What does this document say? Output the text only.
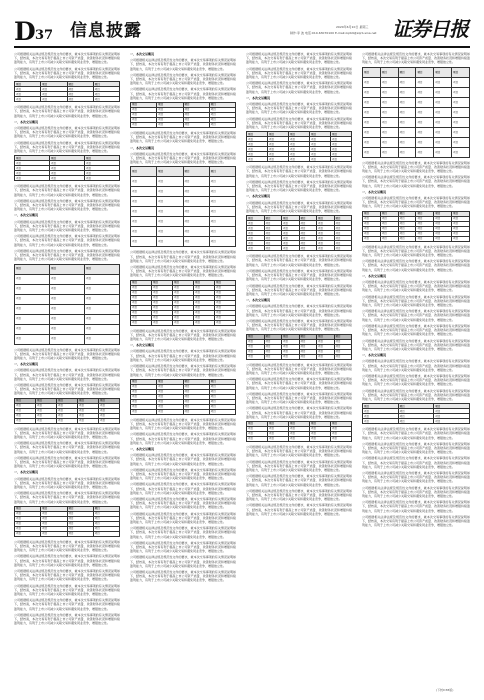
D 37 信息披露	2020年6月10日 星期三
制作:李 波 电话:010-63070100 E-mail:zqrb9@zqrb.sina.net 证券日报

公司根据相关法律法规及规范性文件的要求，就本次交易事项的有关情况说明如下，经核查，本次交易有利于提高上市公司资产质量、改善财务状况和增强持续盈利能力，有利于上市公司减少关联交易和避免同业竞争，增强独立性。

公司根据相关法律法规及规范性文件的要求，就本次交易事项的有关情况说明如下，经核查，本次交易有利于提高上市公司资产质量、改善财务状况和增强持续盈利能力，有利于上市公司减少关联交易和避免同业竞争，增强独立性。

项目	项目	项目	项目
项目	项目	项目	项目
项目	项目	项目	项目
项目	项目	项目	项目

公司根据相关法律法规及规范性文件的要求，就本次交易事项的有关情况说明如下，经核查，本次交易有利于提高上市公司资产质量、改善财务状况和增强持续盈利能力，有利于上市公司减少关联交易和避免同业竞争，增强独立性。

一、本次交易概况

公司根据相关法律法规及规范性文件的要求，就本次交易事项的有关情况说明如下，经核查，本次交易有利于提高上市公司资产质量、改善财务状况和增强持续盈利能力，有利于上市公司减少关联交易和避免同业竞争，增强独立性。

公司根据相关法律法规及规范性文件的要求，就本次交易事项的有关情况说明如下，经核查，本次交易有利于提高上市公司资产质量、改善财务状况和增强持续盈利能力，有利于上市公司减少关联交易和避免同业竞争，增强独立性。

项目	项目	项目
项目	项目	项目
项目	项目	项目
项目	项目	项目
项目	项目	项目

公司根据相关法律法规及规范性文件的要求，就本次交易事项的有关情况说明如下，经核查，本次交易有利于提高上市公司资产质量、改善财务状况和增强持续盈利能力，有利于上市公司减少关联交易和避免同业竞争，增强独立性。

公司根据相关法律法规及规范性文件的要求，就本次交易事项的有关情况说明如下，经核查，本次交易有利于提高上市公司资产质量、改善财务状况和增强持续盈利能力，有利于上市公司减少关联交易和避免同业竞争，增强独立性。

一、本次交易概况

公司根据相关法律法规及规范性文件的要求，就本次交易事项的有关情况说明如下，经核查，本次交易有利于提高上市公司资产质量、改善财务状况和增强持续盈利能力，有利于上市公司减少关联交易和避免同业竞争，增强独立性。

公司根据相关法律法规及规范性文件的要求，就本次交易事项的有关情况说明如下，经核查，本次交易有利于提高上市公司资产质量、改善财务状况和增强持续盈利能力，有利于上市公司减少关联交易和避免同业竞争，增强独立性。

公司根据相关法律法规及规范性文件的要求，就本次交易事项的有关情况说明如下，经核查，本次交易有利于提高上市公司资产质量、改善财务状况和增强持续盈利能力，有利于上市公司减少关联交易和避免同业竞争，增强独立性。

项目	项目	项目
项目	项目	项目
项目	项目	项目
项目	项目	项目
项目	项目	项目
项目	项目	项目
项目	项目	项目
项目	项目	项目

公司根据相关法律法规及规范性文件的要求，就本次交易事项的有关情况说明如下，经核查，本次交易有利于提高上市公司资产质量、改善财务状况和增强持续盈利能力，有利于上市公司减少关联交易和避免同业竞争，增强独立性。

一、本次交易概况

公司根据相关法律法规及规范性文件的要求，就本次交易事项的有关情况说明如下，经核查，本次交易有利于提高上市公司资产质量、改善财务状况和增强持续盈利能力，有利于上市公司减少关联交易和避免同业竞争，增强独立性。

公司根据相关法律法规及规范性文件的要求，就本次交易事项的有关情况说明如下，经核查，本次交易有利于提高上市公司资产质量、改善财务状况和增强持续盈利能力，有利于上市公司减少关联交易和避免同业竞争，增强独立性。

项目	项目	项目	项目	项目
项目	项目	项目	项目	项目
项目	项目	项目	项目	项目
项目	项目	项目	项目	项目
项目	项目	项目	项目	项目

公司根据相关法律法规及规范性文件的要求，就本次交易事项的有关情况说明如下，经核查，本次交易有利于提高上市公司资产质量、改善财务状况和增强持续盈利能力，有利于上市公司减少关联交易和避免同业竞争，增强独立性。

公司根据相关法律法规及规范性文件的要求，就本次交易事项的有关情况说明如下，经核查，本次交易有利于提高上市公司资产质量、改善财务状况和增强持续盈利能力，有利于上市公司减少关联交易和避免同业竞争，增强独立性。

公司根据相关法律法规及规范性文件的要求，就本次交易事项的有关情况说明如下，经核查，本次交易有利于提高上市公司资产质量、改善财务状况和增强持续盈利能力，有利于上市公司减少关联交易和避免同业竞争，增强独立性。

一、本次交易概况

公司根据相关法律法规及规范性文件的要求，就本次交易事项的有关情况说明如下，经核查，本次交易有利于提高上市公司资产质量、改善财务状况和增强持续盈利能力，有利于上市公司减少关联交易和避免同业竞争，增强独立性。

公司根据相关法律法规及规范性文件的要求，就本次交易事项的有关情况说明如下，经核查，本次交易有利于提高上市公司资产质量、改善财务状况和增强持续盈利能力，有利于上市公司减少关联交易和避免同业竞争，增强独立性。

项目	项目	项目	项目
项目	项目	项目	项目
项目	项目	项目	项目
项目	项目	项目	项目
项目	项目	项目	项目
项目	项目	项目	项目

公司根据相关法律法规及规范性文件的要求，就本次交易事项的有关情况说明如下，经核查，本次交易有利于提高上市公司资产质量、改善财务状况和增强持续盈利能力，有利于上市公司减少关联交易和避免同业竞争，增强独立性。

公司根据相关法律法规及规范性文件的要求，就本次交易事项的有关情况说明如下，经核查，本次交易有利于提高上市公司资产质量、改善财务状况和增强持续盈利能力，有利于上市公司减少关联交易和避免同业竞争，增强独立性。

公司根据相关法律法规及规范性文件的要求，就本次交易事项的有关情况说明如下，经核查，本次交易有利于提高上市公司资产质量、改善财务状况和增强持续盈利能力，有利于上市公司减少关联交易和避免同业竞争，增强独立性。

公司根据相关法律法规及规范性文件的要求，就本次交易事项的有关情况说明如下，经核查，本次交易有利于提高上市公司资产质量、改善财务状况和增强持续盈利能力，有利于上市公司减少关联交易和避免同业竞争，增强独立性。

公司根据相关法律法规及规范性文件的要求，就本次交易事项的有关情况说明如下，经核查，本次交易有利于提高上市公司资产质量、改善财务状况和增强持续盈利能力，有利于上市公司减少关联交易和避免同业竞争，增强独立性。

公司根据相关法律法规及规范性文件的要求，就本次交易事项的有关情况说明如下，经核查，本次交易有利于提高上市公司资产质量、改善财务状况和增强持续盈利能力，有利于上市公司减少关联交易和避免同业竞争，增强独立性。

一、本次交易概况

公司根据相关法律法规及规范性文件的要求，就本次交易事项的有关情况说明如下，经核查，本次交易有利于提高上市公司资产质量、改善财务状况和增强持续盈利能力，有利于上市公司减少关联交易和避免同业竞争，增强独立性。

公司根据相关法律法规及规范性文件的要求，就本次交易事项的有关情况说明如下，经核查，本次交易有利于提高上市公司资产质量、改善财务状况和增强持续盈利能力，有利于上市公司减少关联交易和避免同业竞争，增强独立性。

公司根据相关法律法规及规范性文件的要求，就本次交易事项的有关情况说明如下，经核查，本次交易有利于提高上市公司资产质量、改善财务状况和增强持续盈利能力，有利于上市公司减少关联交易和避免同业竞争，增强独立性。

项目	项目	项目	项目
项目	项目	项目	项目
项目	项目	项目	项目
项目	项目	项目	项目
项目	项目	项目	项目

公司根据相关法律法规及规范性文件的要求，就本次交易事项的有关情况说明如下，经核查，本次交易有利于提高上市公司资产质量、改善财务状况和增强持续盈利能力，有利于上市公司减少关联交易和避免同业竞争，增强独立性。

一、本次交易概况

公司根据相关法律法规及规范性文件的要求，就本次交易事项的有关情况说明如下，经核查，本次交易有利于提高上市公司资产质量、改善财务状况和增强持续盈利能力，有利于上市公司减少关联交易和避免同业竞争，增强独立性。

项目	项目	项目	项目
项目	项目	项目	项目
项目	项目	项目	项目
项目	项目	项目	项目
项目	项目	项目	项目
项目	项目	项目	项目
项目	项目	项目	项目
项目	项目	项目	项目

公司根据相关法律法规及规范性文件的要求，就本次交易事项的有关情况说明如下，经核查，本次交易有利于提高上市公司资产质量、改善财务状况和增强持续盈利能力，有利于上市公司减少关联交易和避免同业竞争，增强独立性。

公司根据相关法律法规及规范性文件的要求，就本次交易事项的有关情况说明如下，经核查，本次交易有利于提高上市公司资产质量、改善财务状况和增强持续盈利能力，有利于上市公司减少关联交易和避免同业竞争，增强独立性。

项目	项目	项目	项目	项目
项目	项目	项目	项目	项目
项目	项目	项目	项目	项目
项目	项目	项目	项目	项目
项目	项目	项目	项目	项目
项目	项目	项目	项目	项目
项目	项目	项目	项目	项目
项目	项目	项目	项目	项目
项目	项目	项目	项目	项目

公司根据相关法律法规及规范性文件的要求，就本次交易事项的有关情况说明如下，经核查，本次交易有利于提高上市公司资产质量、改善财务状况和增强持续盈利能力，有利于上市公司减少关联交易和避免同业竞争，增强独立性。

一、本次交易概况

公司根据相关法律法规及规范性文件的要求，就本次交易事项的有关情况说明如下，经核查，本次交易有利于提高上市公司资产质量、改善财务状况和增强持续盈利能力，有利于上市公司减少关联交易和避免同业竞争，增强独立性。

公司根据相关法律法规及规范性文件的要求，就本次交易事项的有关情况说明如下，经核查，本次交易有利于提高上市公司资产质量、改善财务状况和增强持续盈利能力，有利于上市公司减少关联交易和避免同业竞争，增强独立性。

项目	项目	项目	项目
项目	项目	项目	项目
项目	项目	项目	项目
项目	项目	项目	项目
项目	项目	项目	项目
项目	项目	项目	项目
项目	项目	项目	项目

公司根据相关法律法规及规范性文件的要求，就本次交易事项的有关情况说明如下，经核查，本次交易有利于提高上市公司资产质量、改善财务状况和增强持续盈利能力，有利于上市公司减少关联交易和避免同业竞争，增强独立性。

公司根据相关法律法规及规范性文件的要求，就本次交易事项的有关情况说明如下，经核查，本次交易有利于提高上市公司资产质量、改善财务状况和增强持续盈利能力，有利于上市公司减少关联交易和避免同业竞争，增强独立性。

一、本次交易概况

公司根据相关法律法规及规范性文件的要求，就本次交易事项的有关情况说明如下，经核查，本次交易有利于提高上市公司资产质量、改善财务状况和增强持续盈利能力，有利于上市公司减少关联交易和避免同业竞争，增强独立性。

公司根据相关法律法规及规范性文件的要求，就本次交易事项的有关情况说明如下，经核查，本次交易有利于提高上市公司资产质量、改善财务状况和增强持续盈利能力，有利于上市公司减少关联交易和避免同业竞争，增强独立性。

公司根据相关法律法规及规范性文件的要求，就本次交易事项的有关情况说明如下，经核查，本次交易有利于提高上市公司资产质量、改善财务状况和增强持续盈利能力，有利于上市公司减少关联交易和避免同业竞争，增强独立性。

公司根据相关法律法规及规范性文件的要求，就本次交易事项的有关情况说明如下，经核查，本次交易有利于提高上市公司资产质量、改善财务状况和增强持续盈利能力，有利于上市公司减少关联交易和避免同业竞争，增强独立性。

公司根据相关法律法规及规范性文件的要求，就本次交易事项的有关情况说明如下，经核查，本次交易有利于提高上市公司资产质量、改善财务状况和增强持续盈利能力，有利于上市公司减少关联交易和避免同业竞争，增强独立性。

公司根据相关法律法规及规范性文件的要求，就本次交易事项的有关情况说明如下，经核查，本次交易有利于提高上市公司资产质量、改善财务状况和增强持续盈利能力，有利于上市公司减少关联交易和避免同业竞争，增强独立性。

公司根据相关法律法规及规范性文件的要求，就本次交易事项的有关情况说明如下，经核查，本次交易有利于提高上市公司资产质量、改善财务状况和增强持续盈利能力，有利于上市公司减少关联交易和避免同业竞争，增强独立性。

公司根据相关法律法规及规范性文件的要求，就本次交易事项的有关情况说明如下，经核查，本次交易有利于提高上市公司资产质量、改善财务状况和增强持续盈利能力，有利于上市公司减少关联交易和避免同业竞争，增强独立性。

公司根据相关法律法规及规范性文件的要求，就本次交易事项的有关情况说明如下，经核查，本次交易有利于提高上市公司资产质量、改善财务状况和增强持续盈利能力，有利于上市公司减少关联交易和避免同业竞争，增强独立性。

公司根据相关法律法规及规范性文件的要求，就本次交易事项的有关情况说明如下，经核查，本次交易有利于提高上市公司资产质量、改善财务状况和增强持续盈利能力，有利于上市公司减少关联交易和避免同业竞争，增强独立性。

公司根据相关法律法规及规范性文件的要求，就本次交易事项的有关情况说明如下，经核查，本次交易有利于提高上市公司资产质量、改善财务状况和增强持续盈利能力，有利于上市公司减少关联交易和避免同业竞争，增强独立性。

公司根据相关法律法规及规范性文件的要求，就本次交易事项的有关情况说明如下，经核查，本次交易有利于提高上市公司资产质量、改善财务状况和增强持续盈利能力，有利于上市公司减少关联交易和避免同业竞争，增强独立性。

一、本次交易概况

公司根据相关法律法规及规范性文件的要求，就本次交易事项的有关情况说明如下，经核查，本次交易有利于提高上市公司资产质量、改善财务状况和增强持续盈利能力，有利于上市公司减少关联交易和避免同业竞争，增强独立性。

公司根据相关法律法规及规范性文件的要求，就本次交易事项的有关情况说明如下，经核查，本次交易有利于提高上市公司资产质量、改善财务状况和增强持续盈利能力，有利于上市公司减少关联交易和避免同业竞争，增强独立性。

项目	项目	项目	项目	项目
项目	项目	项目	项目	项目
项目	项目	项目	项目	项目
项目	项目	项目	项目	项目
项目	项目	项目	项目	项目
项目	项目	项目	项目	项目

公司根据相关法律法规及规范性文件的要求，就本次交易事项的有关情况说明如下，经核查，本次交易有利于提高上市公司资产质量、改善财务状况和增强持续盈利能力，有利于上市公司减少关联交易和避免同业竞争，增强独立性。

公司根据相关法律法规及规范性文件的要求，就本次交易事项的有关情况说明如下，经核查，本次交易有利于提高上市公司资产质量、改善财务状况和增强持续盈利能力，有利于上市公司减少关联交易和避免同业竞争，增强独立性。

一、本次交易概况

公司根据相关法律法规及规范性文件的要求，就本次交易事项的有关情况说明如下，经核查，本次交易有利于提高上市公司资产质量、改善财务状况和增强持续盈利能力，有利于上市公司减少关联交易和避免同业竞争，增强独立性。

项目	项目	项目	项目	项目	项目
项目	项目	项目	项目	项目	项目
项目	项目	项目	项目	项目	项目
项目	项目	项目	项目	项目	项目
项目	项目	项目	项目	项目	项目
项目	项目	项目	项目	项目	项目
项目	项目	项目	项目	项目	项目

公司根据相关法律法规及规范性文件的要求，就本次交易事项的有关情况说明如下，经核查，本次交易有利于提高上市公司资产质量、改善财务状况和增强持续盈利能力，有利于上市公司减少关联交易和避免同业竞争，增强独立性。

公司根据相关法律法规及规范性文件的要求，就本次交易事项的有关情况说明如下，经核查，本次交易有利于提高上市公司资产质量、改善财务状况和增强持续盈利能力，有利于上市公司减少关联交易和避免同业竞争，增强独立性。

公司根据相关法律法规及规范性文件的要求，就本次交易事项的有关情况说明如下，经核查，本次交易有利于提高上市公司资产质量、改善财务状况和增强持续盈利能力，有利于上市公司减少关联交易和避免同业竞争，增强独立性。

一、本次交易概况

公司根据相关法律法规及规范性文件的要求，就本次交易事项的有关情况说明如下，经核查，本次交易有利于提高上市公司资产质量、改善财务状况和增强持续盈利能力，有利于上市公司减少关联交易和避免同业竞争，增强独立性。

公司根据相关法律法规及规范性文件的要求，就本次交易事项的有关情况说明如下，经核查，本次交易有利于提高上市公司资产质量、改善财务状况和增强持续盈利能力，有利于上市公司减少关联交易和避免同业竞争，增强独立性。

项目	项目	项目	项目	项目	项目
项目	项目	项目	项目	项目	项目
项目	项目	项目	项目	项目	项目
项目	项目	项目	项目	项目	项目
项目	项目	项目	项目	项目	项目

公司根据相关法律法规及规范性文件的要求，就本次交易事项的有关情况说明如下，经核查，本次交易有利于提高上市公司资产质量、改善财务状况和增强持续盈利能力，有利于上市公司减少关联交易和避免同业竞争，增强独立性。

公司根据相关法律法规及规范性文件的要求，就本次交易事项的有关情况说明如下，经核查，本次交易有利于提高上市公司资产质量、改善财务状况和增强持续盈利能力，有利于上市公司减少关联交易和避免同业竞争，增强独立性。

公司根据相关法律法规及规范性文件的要求，就本次交易事项的有关情况说明如下，经核查，本次交易有利于提高上市公司资产质量、改善财务状况和增强持续盈利能力，有利于上市公司减少关联交易和避免同业竞争，增强独立性。

公司根据相关法律法规及规范性文件的要求，就本次交易事项的有关情况说明如下，经核查，本次交易有利于提高上市公司资产质量、改善财务状况和增强持续盈利能力，有利于上市公司减少关联交易和避免同业竞争，增强独立性。

项目	项目	项目	项目	项目
项目	项目	项目	项目	项目
项目	项目	项目	项目	项目
项目	项目	项目	项目	项目

公司根据相关法律法规及规范性文件的要求，就本次交易事项的有关情况说明如下，经核查，本次交易有利于提高上市公司资产质量、改善财务状况和增强持续盈利能力，有利于上市公司减少关联交易和避免同业竞争，增强独立性。

公司根据相关法律法规及规范性文件的要求，就本次交易事项的有关情况说明如下，经核查，本次交易有利于提高上市公司资产质量、改善财务状况和增强持续盈利能力，有利于上市公司减少关联交易和避免同业竞争，增强独立性。

公司根据相关法律法规及规范性文件的要求，就本次交易事项的有关情况说明如下，经核查，本次交易有利于提高上市公司资产质量、改善财务状况和增强持续盈利能力，有利于上市公司减少关联交易和避免同业竞争，增强独立性。

公司根据相关法律法规及规范性文件的要求，就本次交易事项的有关情况说明如下，经核查，本次交易有利于提高上市公司资产质量、改善财务状况和增强持续盈利能力，有利于上市公司减少关联交易和避免同业竞争，增强独立性。

公司根据相关法律法规及规范性文件的要求，就本次交易事项的有关情况说明如下，经核查，本次交易有利于提高上市公司资产质量、改善财务状况和增强持续盈利能力，有利于上市公司减少关联交易和避免同业竞争，增强独立性。

公司根据相关法律法规及规范性文件的要求，就本次交易事项的有关情况说明如下，经核查，本次交易有利于提高上市公司资产质量、改善财务状况和增强持续盈利能力，有利于上市公司减少关联交易和避免同业竞争，增强独立性。

项目	项目	项目	项目	项目	项目
项目	项目	项目	项目	项目	项目
项目	项目	项目	项目	项目	项目
项目	项目	项目	项目	项目	项目
项目	项目	项目	项目	项目	项目
项目	项目	项目	项目	项目	项目
项目	项目	项目	项目	项目	项目
项目	项目	项目	项目	项目	项目
项目	项目	项目	项目	项目	项目

公司根据相关法律法规及规范性文件的要求，就本次交易事项的有关情况说明如下，经核查，本次交易有利于提高上市公司资产质量、改善财务状况和增强持续盈利能力，有利于上市公司减少关联交易和避免同业竞争，增强独立性。

公司根据相关法律法规及规范性文件的要求，就本次交易事项的有关情况说明如下，经核查，本次交易有利于提高上市公司资产质量、改善财务状况和增强持续盈利能力，有利于上市公司减少关联交易和避免同业竞争，增强独立性。

一、本次交易概况

公司根据相关法律法规及规范性文件的要求，就本次交易事项的有关情况说明如下，经核查，本次交易有利于提高上市公司资产质量、改善财务状况和增强持续盈利能力，有利于上市公司减少关联交易和避免同业竞争，增强独立性。

项目	项目	项目	项目	项目	项目
项目	项目	项目	项目	项目	项目
项目	项目	项目	项目	项目	项目
项目	项目	项目	项目	项目	项目
项目	项目	项目	项目	项目	项目
项目	项目	项目	项目	项目	项目

公司根据相关法律法规及规范性文件的要求，就本次交易事项的有关情况说明如下，经核查，本次交易有利于提高上市公司资产质量、改善财务状况和增强持续盈利能力，有利于上市公司减少关联交易和避免同业竞争，增强独立性。

公司根据相关法律法规及规范性文件的要求，就本次交易事项的有关情况说明如下，经核查，本次交易有利于提高上市公司资产质量、改善财务状况和增强持续盈利能力，有利于上市公司减少关联交易和避免同业竞争，增强独立性。

一、本次交易概况

公司根据相关法律法规及规范性文件的要求，就本次交易事项的有关情况说明如下，经核查，本次交易有利于提高上市公司资产质量、改善财务状况和增强持续盈利能力，有利于上市公司减少关联交易和避免同业竞争，增强独立性。

公司根据相关法律法规及规范性文件的要求，就本次交易事项的有关情况说明如下，经核查，本次交易有利于提高上市公司资产质量、改善财务状况和增强持续盈利能力，有利于上市公司减少关联交易和避免同业竞争，增强独立性。

公司根据相关法律法规及规范性文件的要求，就本次交易事项的有关情况说明如下，经核查，本次交易有利于提高上市公司资产质量、改善财务状况和增强持续盈利能力，有利于上市公司减少关联交易和避免同业竞争，增强独立性。

公司根据相关法律法规及规范性文件的要求，就本次交易事项的有关情况说明如下，经核查，本次交易有利于提高上市公司资产质量、改善财务状况和增强持续盈利能力，有利于上市公司减少关联交易和避免同业竞争，增强独立性。

公司根据相关法律法规及规范性文件的要求，就本次交易事项的有关情况说明如下，经核查，本次交易有利于提高上市公司资产质量、改善财务状况和增强持续盈利能力，有利于上市公司减少关联交易和避免同业竞争，增强独立性。

一、本次交易概况

公司根据相关法律法规及规范性文件的要求，就本次交易事项的有关情况说明如下，经核查，本次交易有利于提高上市公司资产质量、改善财务状况和增强持续盈利能力，有利于上市公司减少关联交易和避免同业竞争，增强独立性。

公司根据相关法律法规及规范性文件的要求，就本次交易事项的有关情况说明如下，经核查，本次交易有利于提高上市公司资产质量、改善财务状况和增强持续盈利能力，有利于上市公司减少关联交易和避免同业竞争，增强独立性。

公司根据相关法律法规及规范性文件的要求，就本次交易事项的有关情况说明如下，经核查，本次交易有利于提高上市公司资产质量、改善财务状况和增强持续盈利能力，有利于上市公司减少关联交易和避免同业竞争，增强独立性。

项目	项目	项目
项目	项目	项目
项目	项目	项目
项目	项目	项目

公司根据相关法律法规及规范性文件的要求，就本次交易事项的有关情况说明如下，经核查，本次交易有利于提高上市公司资产质量、改善财务状况和增强持续盈利能力，有利于上市公司减少关联交易和避免同业竞争，增强独立性。

公司根据相关法律法规及规范性文件的要求，就本次交易事项的有关情况说明如下，经核查，本次交易有利于提高上市公司资产质量、改善财务状况和增强持续盈利能力，有利于上市公司减少关联交易和避免同业竞争，增强独立性。

公司根据相关法律法规及规范性文件的要求，就本次交易事项的有关情况说明如下，经核查，本次交易有利于提高上市公司资产质量、改善财务状况和增强持续盈利能力，有利于上市公司减少关联交易和避免同业竞争，增强独立性。

公司根据相关法律法规及规范性文件的要求，就本次交易事项的有关情况说明如下，经核查，本次交易有利于提高上市公司资产质量、改善财务状况和增强持续盈利能力，有利于上市公司减少关联交易和避免同业竞争，增强独立性。

公司根据相关法律法规及规范性文件的要求，就本次交易事项的有关情况说明如下，经核查，本次交易有利于提高上市公司资产质量、改善财务状况和增强持续盈利能力，有利于上市公司减少关联交易和避免同业竞争，增强独立性。

公司根据相关法律法规及规范性文件的要求，就本次交易事项的有关情况说明如下，经核查，本次交易有利于提高上市公司资产质量、改善财务状况和增强持续盈利能力，有利于上市公司减少关联交易和避免同业竞争，增强独立性。

公司根据相关法律法规及规范性文件的要求，就本次交易事项的有关情况说明如下，经核查，本次交易有利于提高上市公司资产质量、改善财务状况和增强持续盈利能力，有利于上市公司减少关联交易和避免同业竞争，增强独立性。

(下转D38版)
